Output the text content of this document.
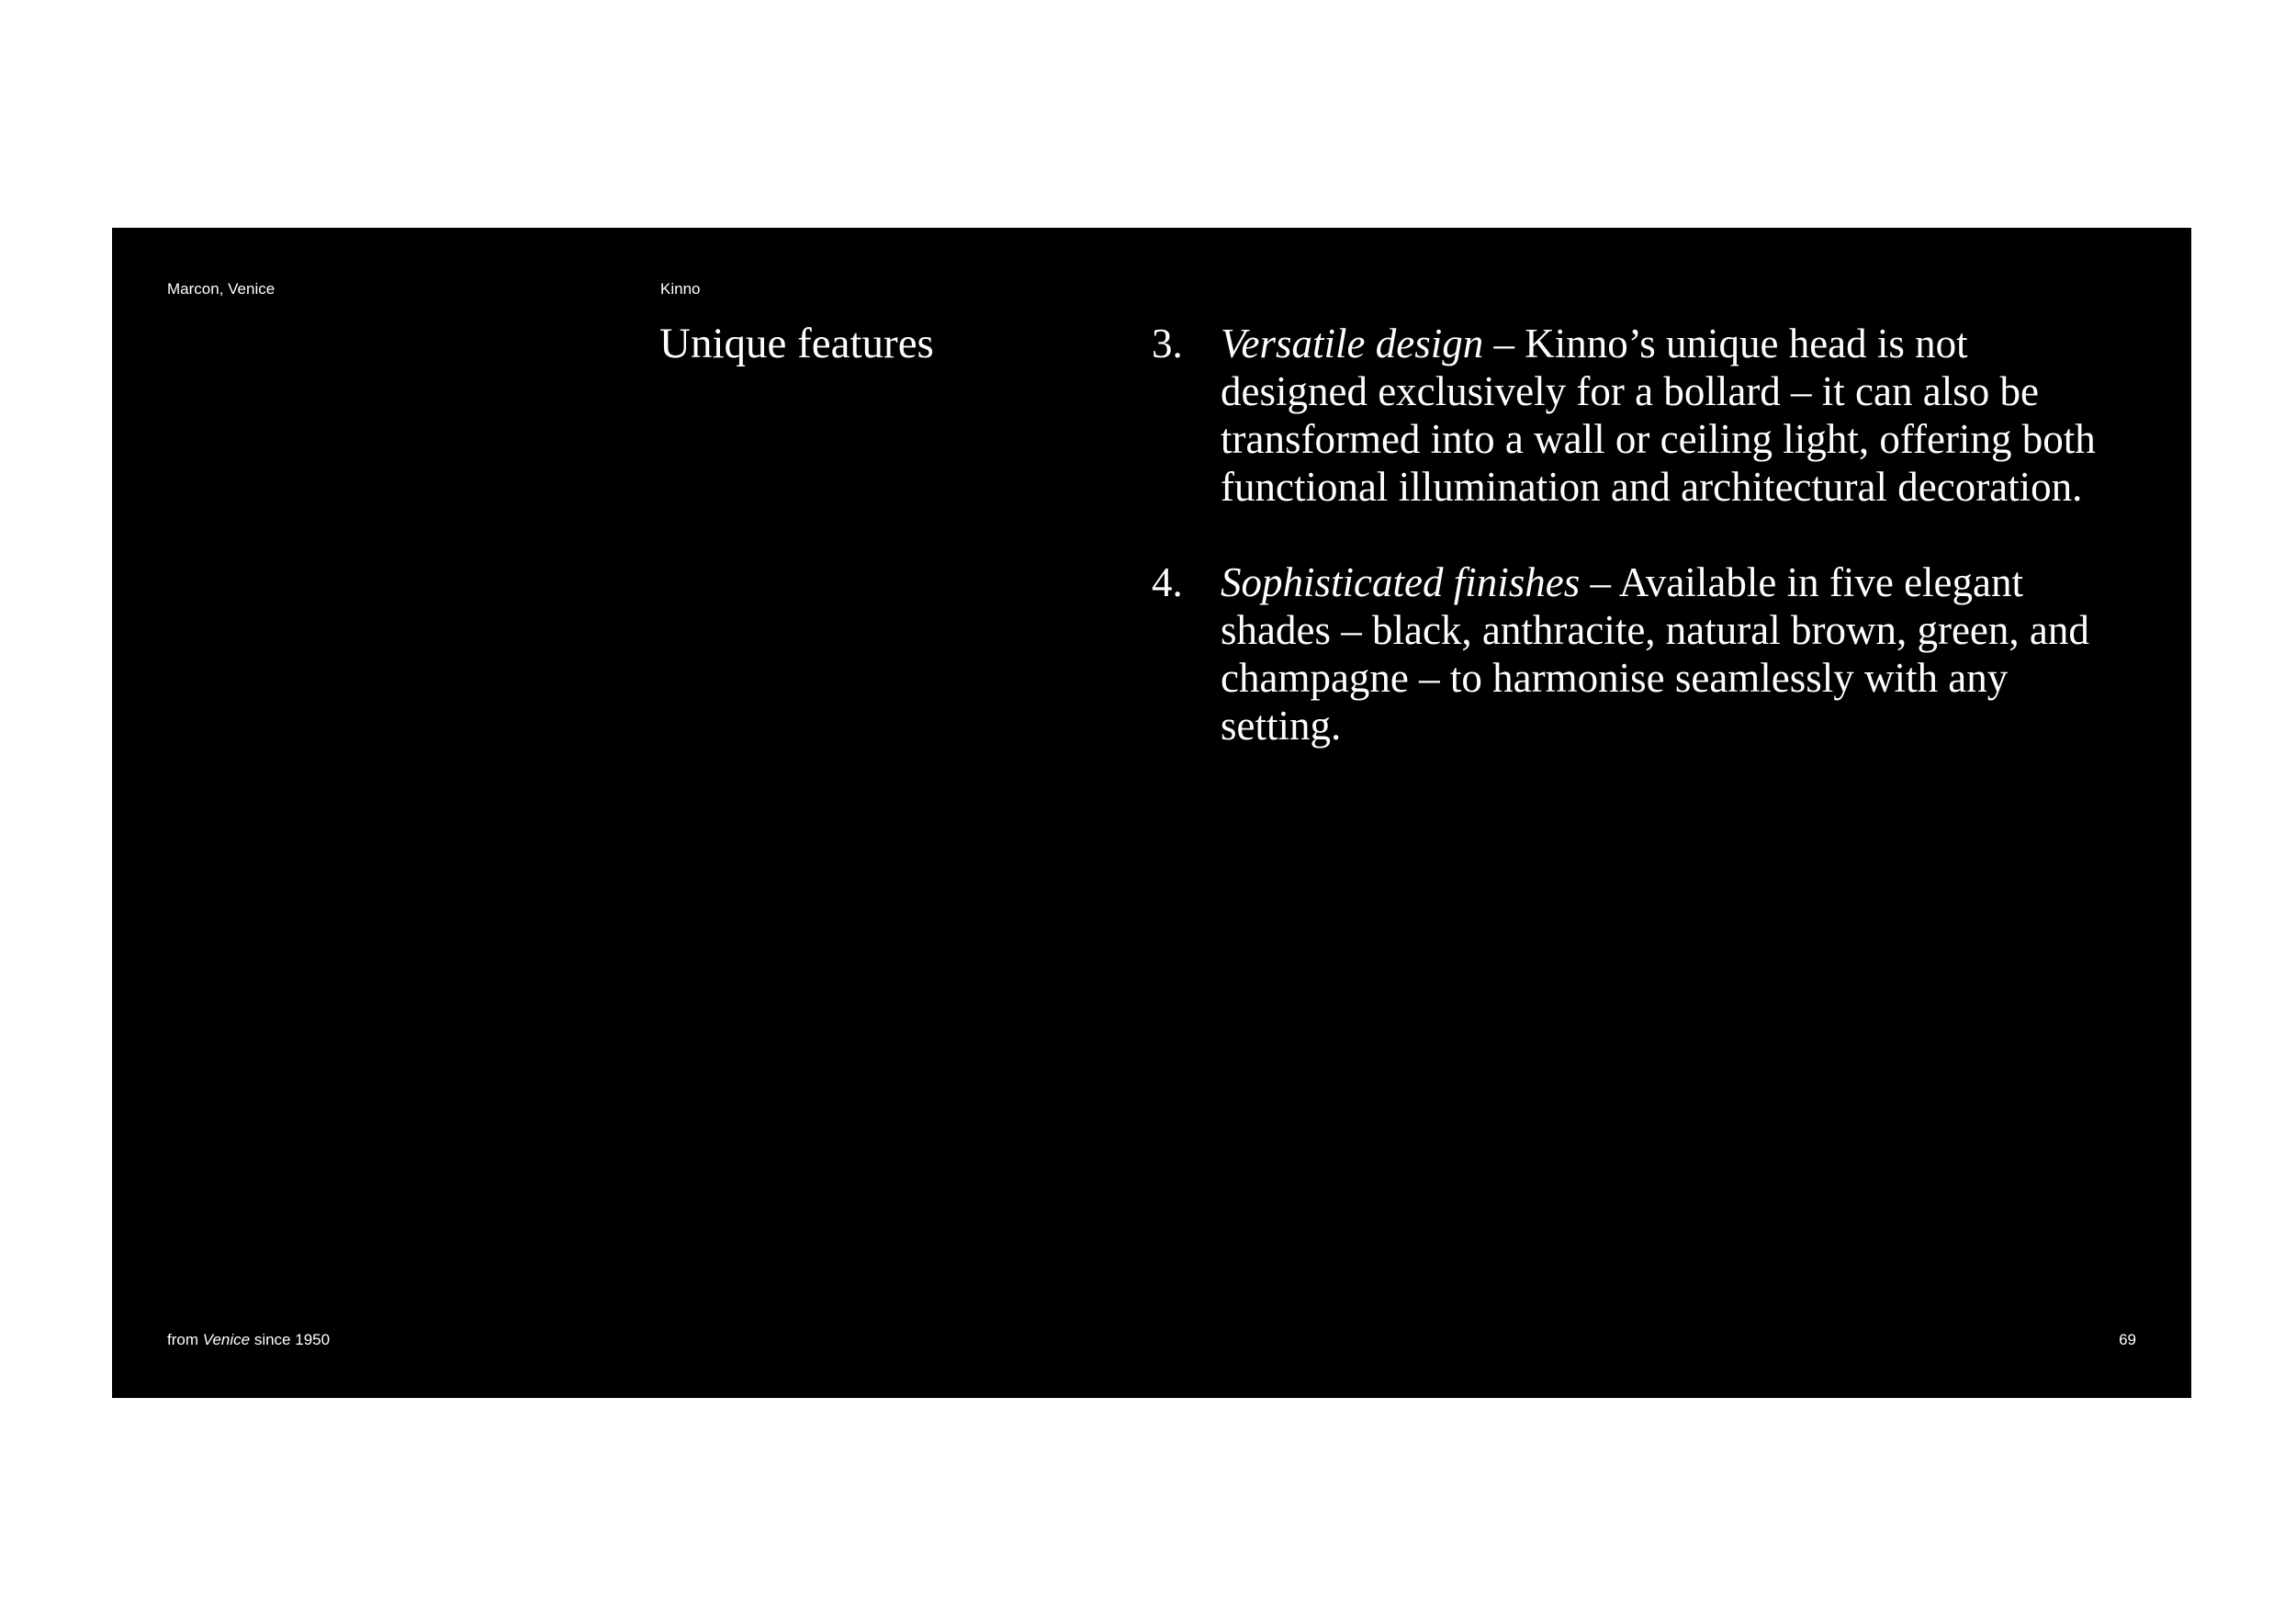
Marcon, Venice	Kinno
Unique features	3. Versatile design – Kinno’s unique head is not designed exclusively for a bollard – it can also be transformed into a wall or ceiling light, offering both functional illumination and architectural decoration.
4. Sophisticated finishes – Available in five elegant shades – black, anthracite, natural brown, green, and champagne – to harmonise seamlessly with any setting.
from Venice since 1950	69
